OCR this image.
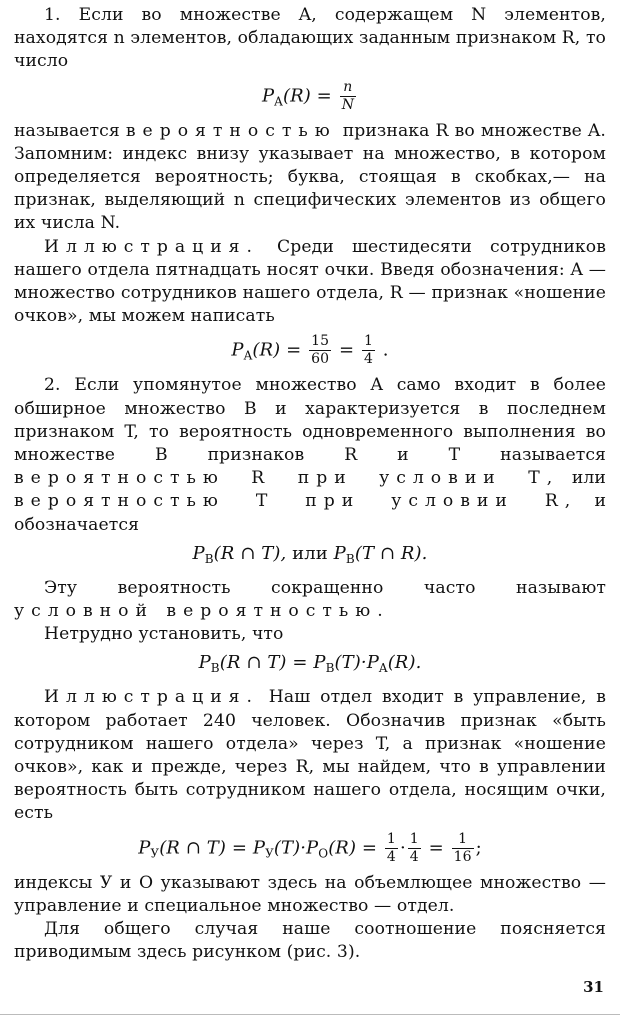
1. Если во множестве A, содержащем N элементов, находятся n элементов, обладающих заданным признаком R, то число

$P_A(R) = \frac{n}{N}$

называется вероятностью признака R во множестве A. Запомним: индекс внизу указывает на множество, в котором определяется вероятность; буква, стоящая в скобках,— на признак, выделяющий n специфических элементов из общего их числа N.

Иллюстрация. Среди шестидесяти сотрудников нашего отдела пятнадцать носят очки. Введя обозначения: A — множество сотрудников нашего отдела, R — признак «ношение очков», мы можем написать

$P_A(R) = \frac{15}{60} = \frac{1}{4}$ .

2. Если упомянутое множество A само входит в более обширное множество B и характеризуется в последнем признаком T, то вероятность одновременного выполнения во множестве B признаков R и T называется вероятностью R при условии T, или вероятностью T при условии R, и обозначается

$P_B(R$ ∩ T), или $P_B(T$ ∩ R).

Эту вероятность сокращенно часто называют условной вероятностью.

Нетрудно установить, что

$P_B(R$ ∩ $T) = P_B(T)\cdot P_A(R)$.

Иллюстрация. Наш отдел входит в управление, в котором работает 240 человек. Обозначив признак «быть сотрудником нашего отдела» через T, а признак «ношение очков», как и прежде, через R, мы найдем, что в управлении вероятность быть сотрудником нашего отдела, носящим очки, есть

$P_У(R$ ∩ $T) = P_У(T)\cdot P_О(R) = \frac{1}{4} \cdot \frac{1}{4} = \frac{1}{16}$ ;

индексы У и О указывают здесь на объемлющее множество — управление и специальное множество — отдел.

Для общего случая наше соотношение поясняется приводимым здесь рисунком (рис. 3).

31
